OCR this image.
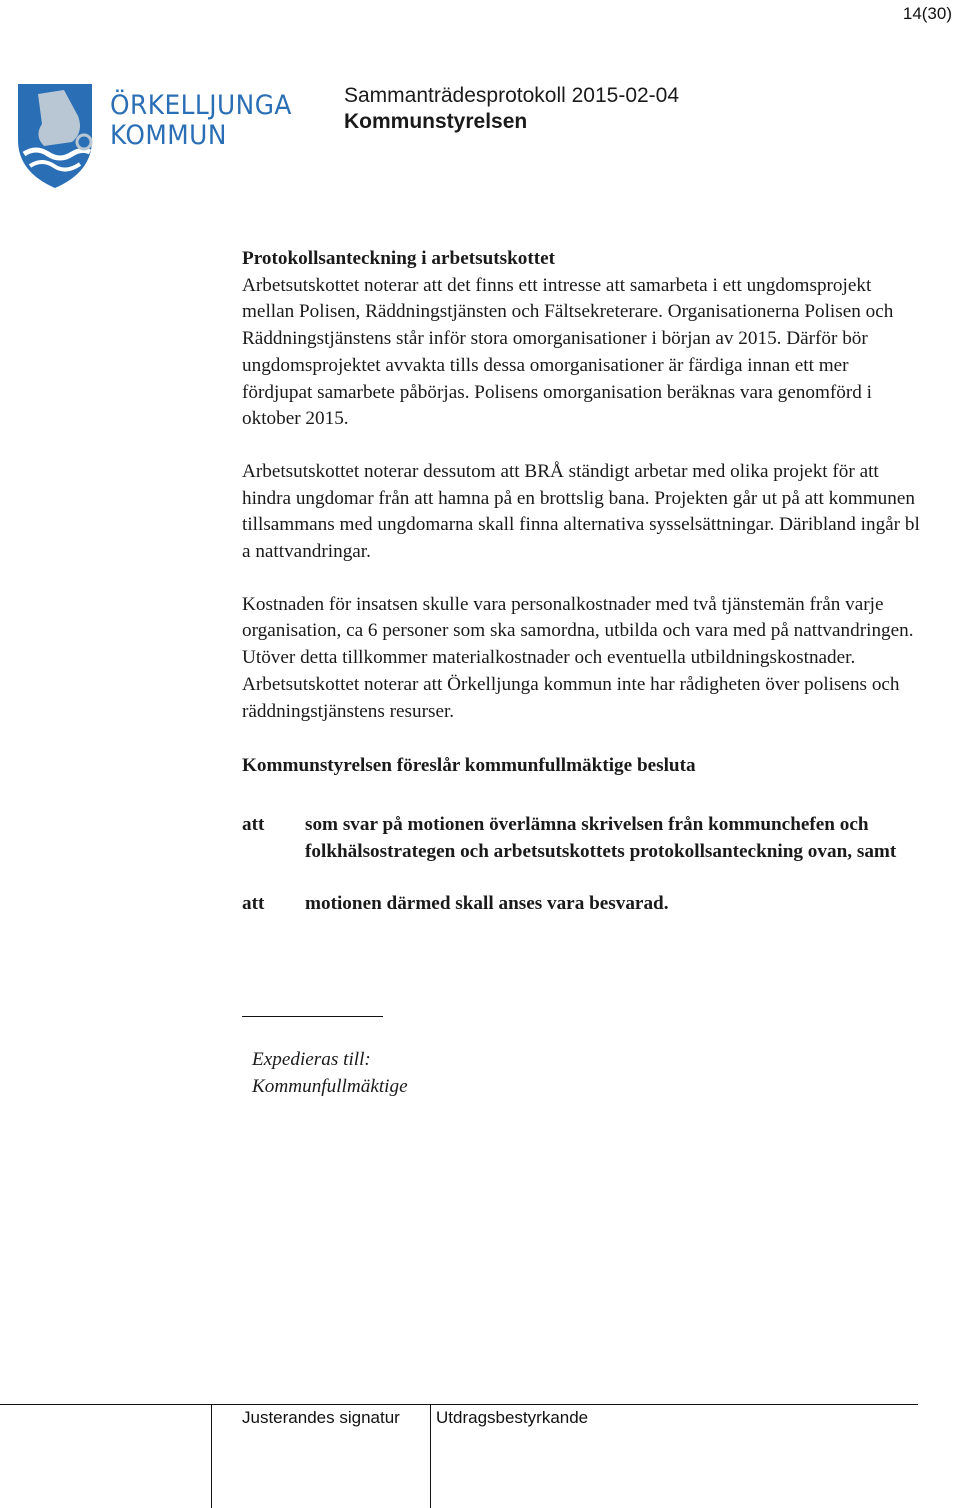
14(30)
ÖRKELLJUNGA
KOMMUN
Sammanträdesprotokoll 2015-02-04
Kommunstyrelsen

Protokollsanteckning i arbetsutskottet

Arbetsutskottet noterar att det finns ett intresse att samarbeta i ett ungdomsprojekt mellan Polisen, Räddningstjänsten och Fältsekreterare. Organisationerna Polisen och Räddningstjänstens står inför stora omorganisationer i början av 2015. Därför bör ungdomsprojektet avvakta tills dessa omorganisationer är färdiga innan ett mer fördjupat samarbete påbörjas. Polisens omorganisation beräknas vara genomförd i oktober 2015.

Arbetsutskottet noterar dessutom att BRÅ ständigt arbetar med olika projekt för att hindra ungdomar från att hamna på en brottslig bana. Projekten går ut på att kommunen tillsammans med ungdomarna skall finna alternativa sysselsättningar. Däribland ingår bl a nattvandringar.

Kostnaden för insatsen skulle vara personalkostnader med två tjänstemän från varje organisation, ca 6 personer som ska samordna, utbilda och vara med på nattvandringen. Utöver detta tillkommer materialkostnader och eventuella utbildningskostnader. Arbetsutskottet noterar att Örkelljunga kommun inte har rådigheten över polisens och räddningstjänstens resurser.

Kommunstyrelsen föreslår kommunfullmäktige besluta

att	som svar på motionen överlämna skrivelsen från kommunchefen och folkhälsostrategen och arbetsutskottets protokollsanteckning ovan, samt
att	motionen därmed skall anses vara besvarad.
Expedieras till:
Kommunfullmäktige
Justerandes signatur Utdragsbestyrkande
